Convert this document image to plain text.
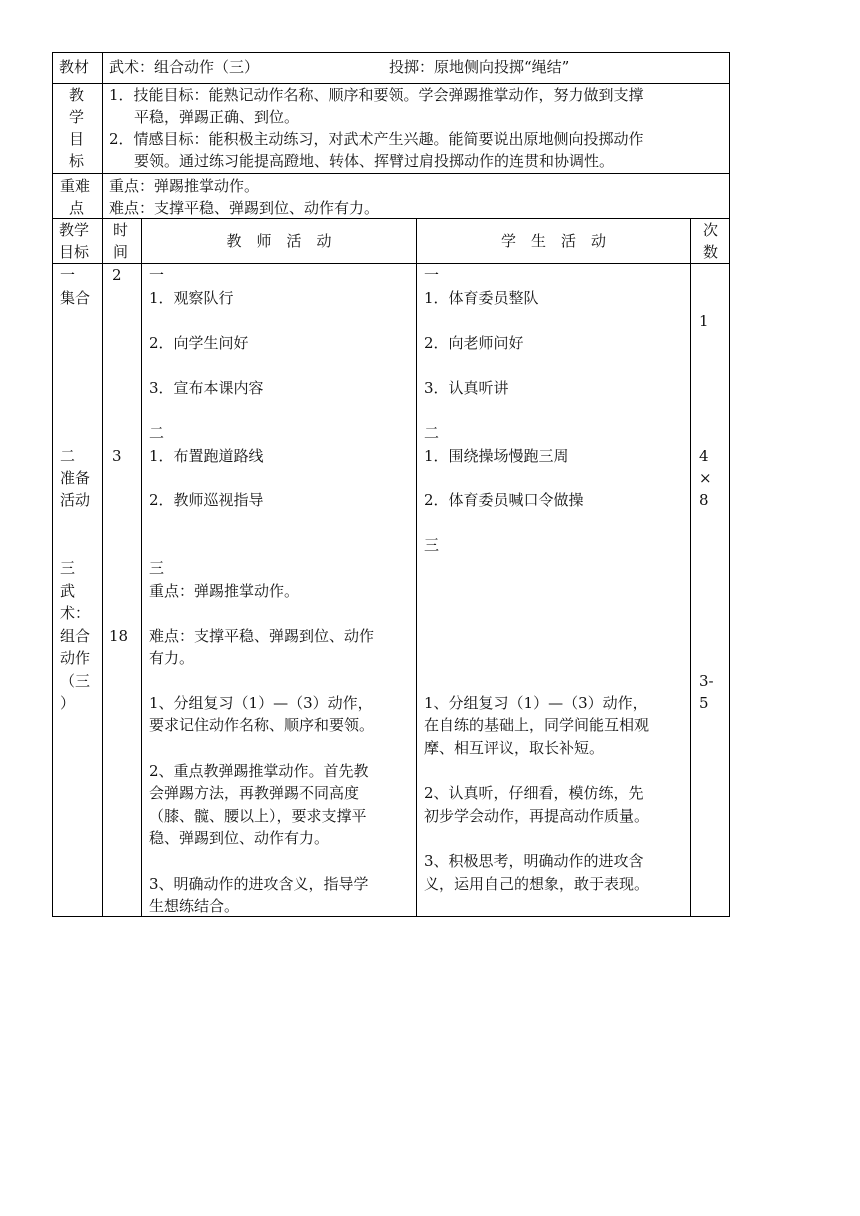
教材 武术：组合动作（三）	投掷：原地侧向投掷“绳结”
教
学
目
标
1．技能目标：能熟记动作名称、顺序和要领。学会弹踢推掌动作，努力做到支撑
平稳，弹踢正确、到位。
2．情感目标：能积极主动练习，对武术产生兴趣。能简要说出原地侧向投掷动作
要领。通过练习能提高蹬地、转体、挥臂过肩投掷动作的连贯和协调性。
重难
点
重点：弹踢推掌动作。
难点：支撑平稳、弹踢到位、动作有力。
教学
目标
时
间
教　师　活　动	学　生　活　动
次
数
一
集合
2 一
1．观察队行
2．向学生问好
3．宣布本课内容
一
1．体育委员整队
2．向老师问好
3．认真听讲
1
二
准备
活动
3
二
1．布置跑道路线
2．教师巡视指导
二
1．围绕操场慢跑三周
2．体育委员喊口令做操
4
×
8
三
三
武
术：
组合
动作
（三
）
18
三
重点：弹踢推掌动作。
难点：支撑平稳、弹踢到位、动作
有力。
1、分组复习（1）—（3）动作，
要求记住动作名称、顺序和要领。
2、重点教弹踢推掌动作。首先教
会弹踢方法，再教弹踢不同高度
（膝、髋、腰以上），要求支撑平
稳、弹踢到位、动作有力。
3、明确动作的进攻含义，指导学
生想练结合。
1、分组复习（1）—（3）动作，
在自练的基础上，同学间能互相观
摩、相互评议，取长补短。
2、认真听，仔细看，模仿练，先
初步学会动作，再提高动作质量。
3、积极思考，明确动作的进攻含
义，运用自己的想象，敢于表现。
3-
5
